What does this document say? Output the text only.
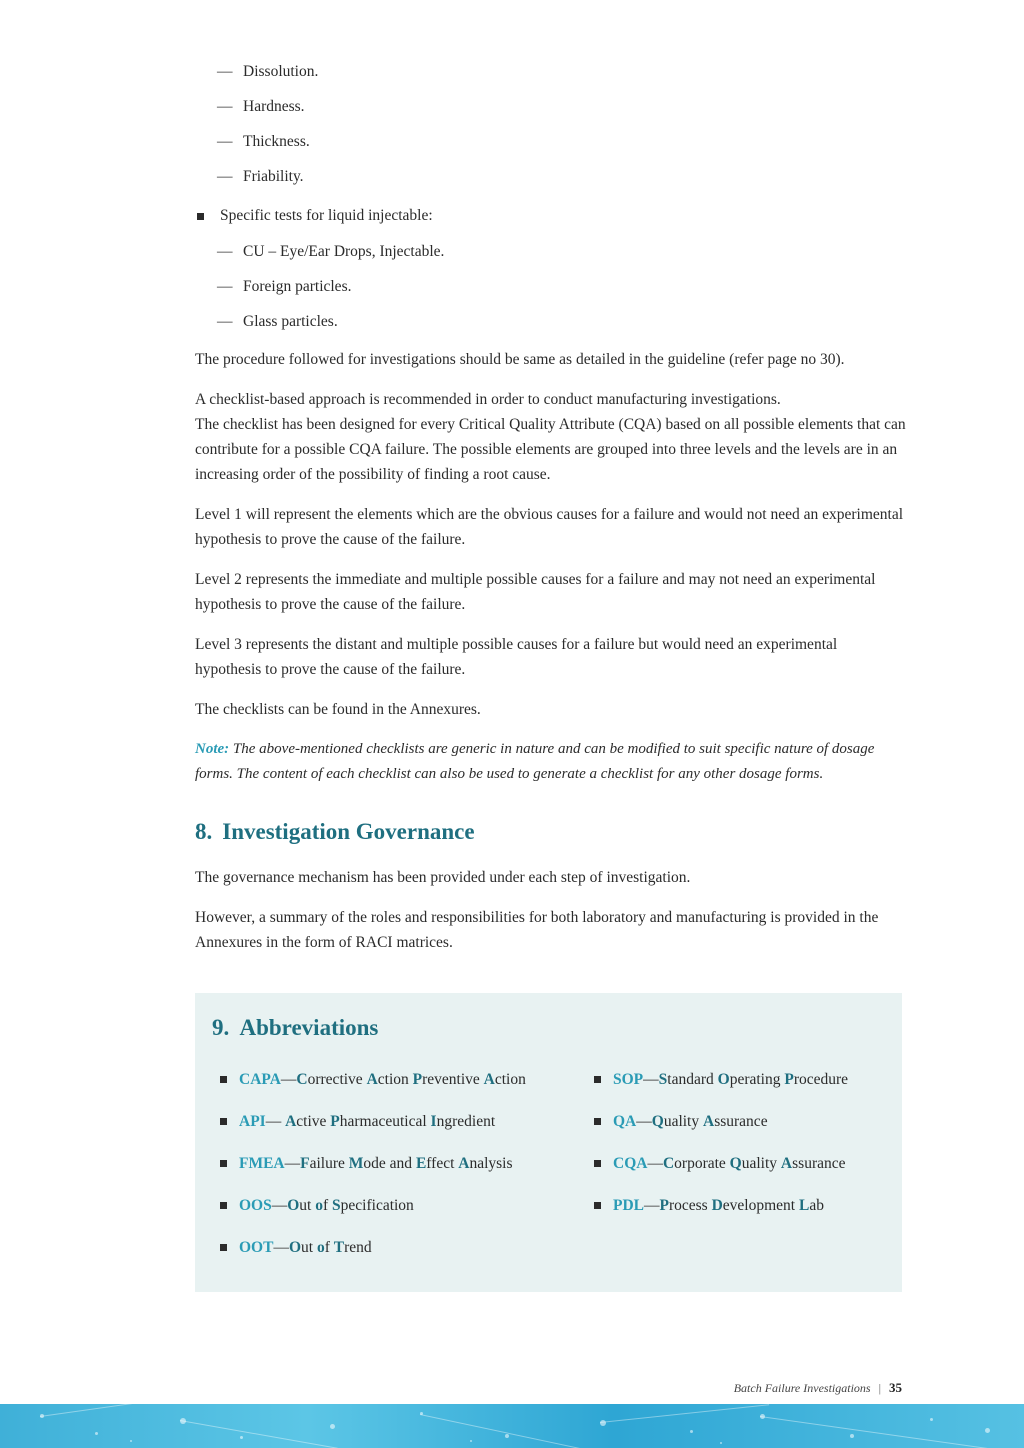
— Dissolution.
— Hardness.
— Thickness.
— Friability.
Specific tests for liquid injectable:
— CU – Eye/Ear Drops, Injectable.
— Foreign particles.
— Glass particles.

The procedure followed for investigations should be same as detailed in the guideline (refer page no 30).

A checklist-based approach is recommended in order to conduct manufacturing investigations.
The checklist has been designed for every Critical Quality Attribute (CQA) based on all possible elements that can contribute for a possible CQA failure. The possible elements are grouped into three levels and the levels are in an increasing order of the possibility of finding a root cause.

Level 1 will represent the elements which are the obvious causes for a failure and would not need an experimental hypothesis to prove the cause of the failure.

Level 2 represents the immediate and multiple possible causes for a failure and may not need an experimental hypothesis to prove the cause of the failure.

Level 3 represents the distant and multiple possible causes for a failure but would need an experimental hypothesis to prove the cause of the failure.

The checklists can be found in the Annexures.

Note: The above-mentioned checklists are generic in nature and can be modified to suit specific nature of dosage forms. The content of each checklist can also be used to generate a checklist for any other dosage forms.

8. Investigation Governance

The governance mechanism has been provided under each step of investigation.

However, a summary of the roles and responsibilities for both laboratory and manufacturing is provided in the Annexures in the form of RACI matrices.

9. Abbreviations
CAPA—Corrective Action Preventive Action
API— Active Pharmaceutical Ingredient
FMEA—Failure Mode and Effect Analysis
OOS—Out of Specification
OOT—Out of Trend
SOP—Standard Operating Procedure
QA—Quality Assurance
CQA—Corporate Quality Assurance
PDL—Process Development Lab
Batch Failure Investigations | 35
